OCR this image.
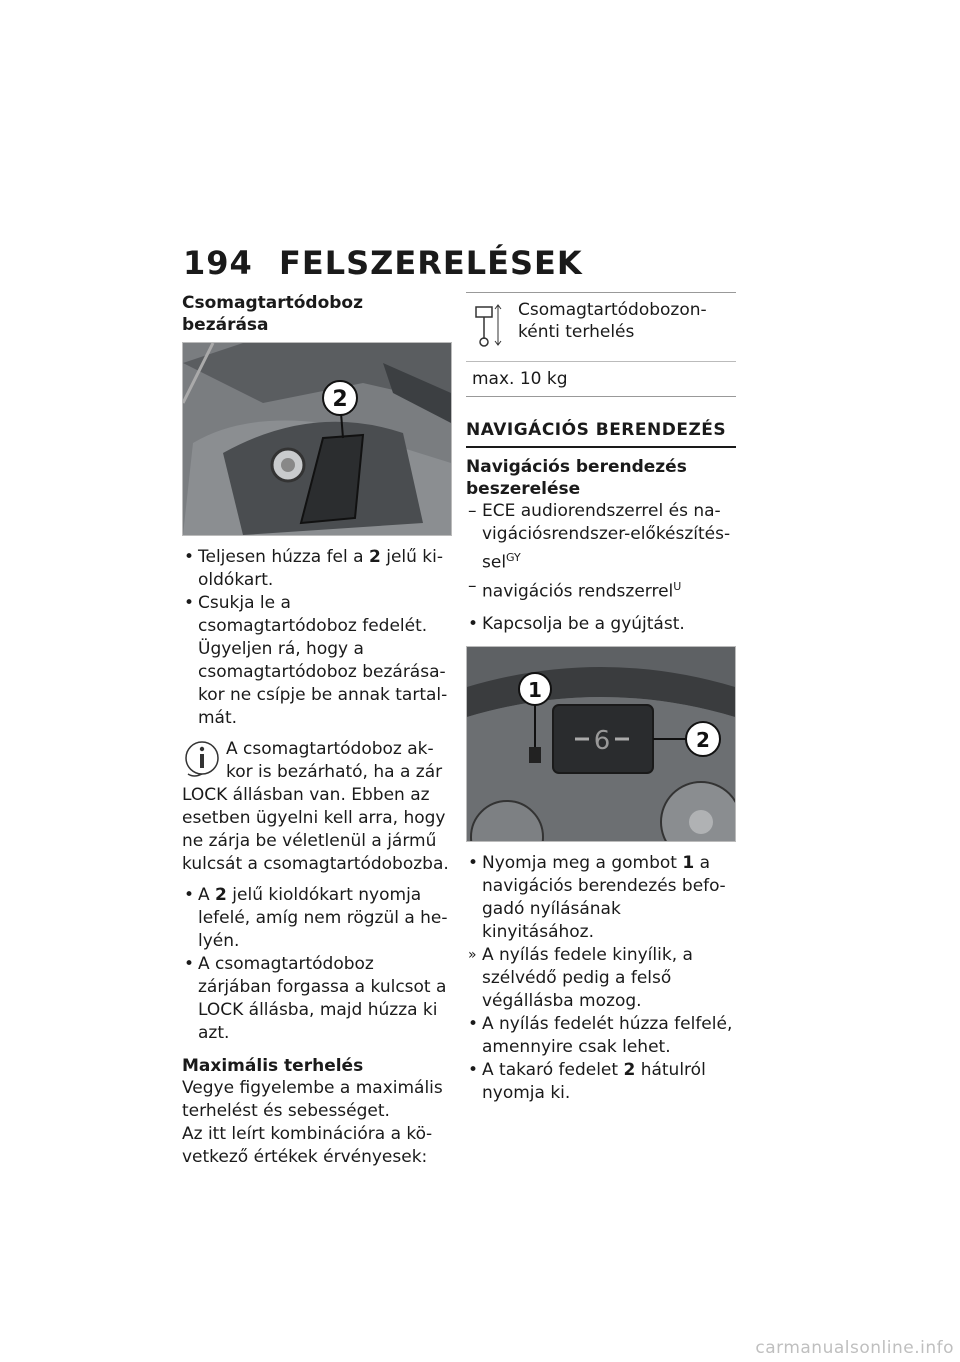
194 FELSZERELÉSEK
Csomagtartódoboz bezárása
2
• Teljesen húzza fel a 2 jelű kioldókart.
• Csukja le a csomagtartódoboz fedelét. Ügyeljen rá, hogy a csomagtartódoboz bezárásakor ne csípje be annak tartalmát.
A csomagtartódoboz akkor is bezárható, ha a zár LOCK állásban van. Ebben az esetben ügyelni kell arra, hogy ne zárja be véletlenül a jármű kulcsát a csomagtartódobozba.
• A 2 jelű kioldókart nyomja lefelé, amíg nem rögzül a helyén.
• A csomagtartódoboz zárjában forgassa a kulcsot a LOCK állásba, majd húzza ki azt.
Maximális terhelés
Vegye figyelembe a maximális terhelést és sebességet.
Az itt leírt kombinációra a következő értékek érvényesek:
	Csomagtartódobozonkénti terhelés
max. 10 kg
NAVIGÁCIÓS BERENDEZÉS
Navigációs berendezés beszerelése
– ECE audiorendszerrel és navigációsrendszer-előkészítéssel$^{GY}$
– navigációs rendszerrel$^U$
• Kapcsolja be a gyújtást.
6
1
2
• Nyomja meg a gombot 1 a navigációs berendezés befogadó nyílásának kinyitásához.
» A nyílás fedele kinyílik, a szélvédő pedig a felső végállásba mozog.
• A nyílás fedelét húzza felfelé, amennyire csak lehet.
• A takaró fedelet 2 hátulról nyomja ki.
carmanualsonline.info
